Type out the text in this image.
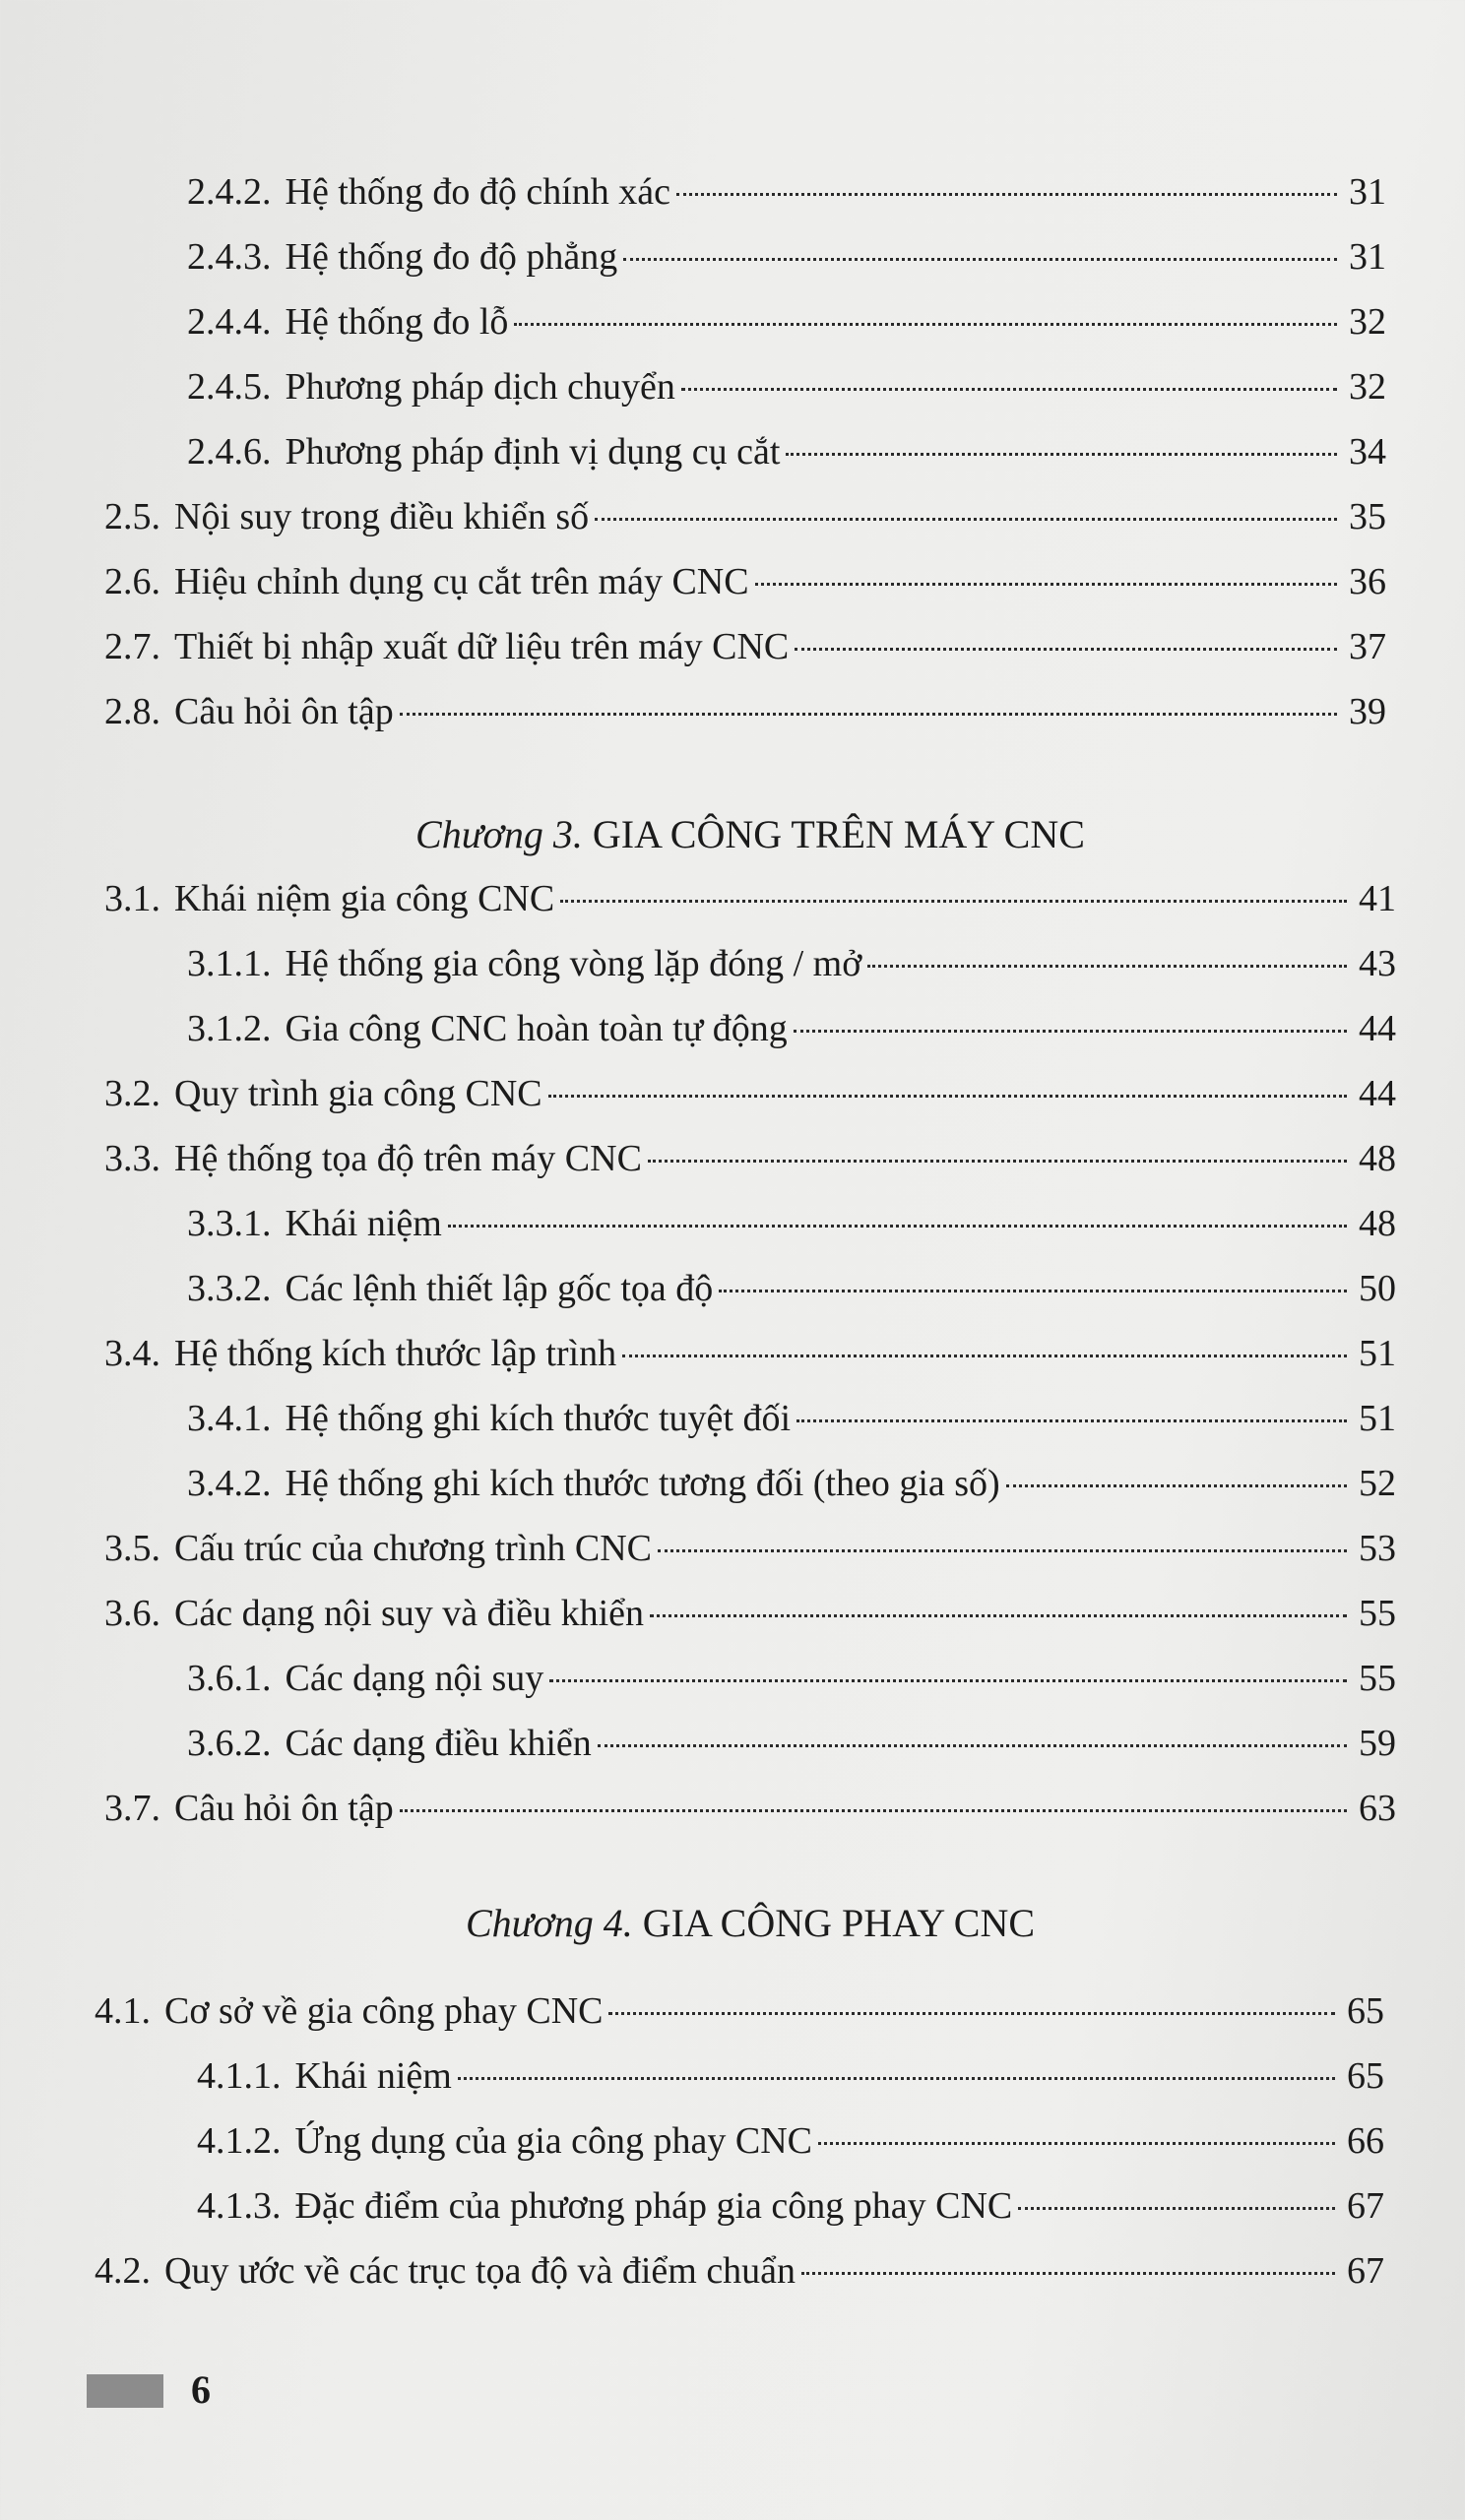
2.4.2. Hệ thống đo độ chính xác	31
2.4.3. Hệ thống đo độ phẳng	31
2.4.4. Hệ thống đo lỗ	32
2.4.5. Phương pháp dịch chuyển	32
2.4.6. Phương pháp định vị dụng cụ cắt	34
2.5. Nội suy trong điều khiển số	35
2.6. Hiệu chỉnh dụng cụ cắt trên máy CNC	36
2.7. Thiết bị nhập xuất dữ liệu trên máy CNC	37
2.8. Câu hỏi ôn tập	39
Chương 3. GIA CÔNG TRÊN MÁY CNC
3.1. Khái niệm gia công CNC	41
3.1.1. Hệ thống gia công vòng lặp đóng / mở	43
3.1.2. Gia công CNC hoàn toàn tự động	44
3.2. Quy trình gia công CNC	44
3.3. Hệ thống tọa độ trên máy CNC	48
3.3.1. Khái niệm	48
3.3.2. Các lệnh thiết lập gốc tọa độ	50
3.4. Hệ thống kích thước lập trình	51
3.4.1. Hệ thống ghi kích thước tuyệt đối	51
3.4.2. Hệ thống ghi kích thước tương đối (theo gia số)	52
3.5. Cấu trúc của chương trình CNC	53
3.6. Các dạng nội suy và điều khiển	55
3.6.1. Các dạng nội suy	55
3.6.2. Các dạng điều khiển	59
3.7. Câu hỏi ôn tập	63
Chương 4. GIA CÔNG PHAY CNC
4.1. Cơ sở về gia công phay CNC	65
4.1.1. Khái niệm	65
4.1.2. Ứng dụng của gia công phay CNC	66
4.1.3. Đặc điểm của phương pháp gia công phay CNC	67
4.2. Quy ước về các trục tọa độ và điểm chuẩn	67
6
